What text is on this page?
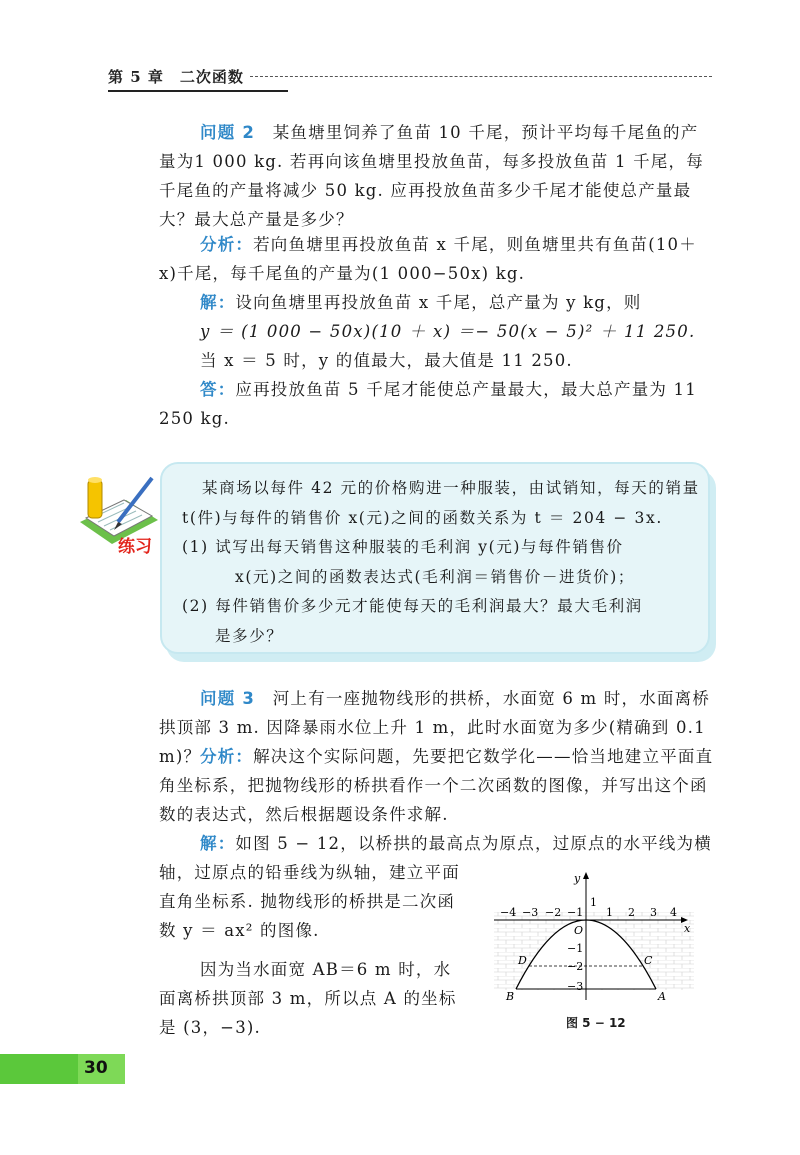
第 5 章　二次函数

问题 2　 某鱼塘里饲养了鱼苗 10 千尾，预计平均每千尾鱼的产量为1 000 kg. 若再向该鱼塘里投放鱼苗，每多投放鱼苗 1 千尾，每千尾鱼的产量将减少 50 kg. 应再投放鱼苗多少千尾才能使总产量最大？最大总产量是多少？

分析：若向鱼塘里再投放鱼苗 x 千尾，则鱼塘里共有鱼苗(10＋x)千尾，每千尾鱼的产量为(1 000−50x) kg.

解：设向鱼塘里再投放鱼苗 x 千尾，总产量为 y kg，则

y ＝ (1 000 − 50x)(10 ＋ x) ＝− 50(x − 5)² ＋ 11 250.

当 x ＝ 5 时，y 的值最大，最大值是 11 250.

答：应再投放鱼苗 5 千尾才能使总产量最大，最大总产量为 11 250 kg.

练习
某商场以每件 42 元的价格购进一种服装，由试销知，每天的销量 t(件)与每件的销售价 x(元)之间的函数关系为 t ＝ 204 − 3x.
(1) 试写出每天销售这种服装的毛利润 y(元)与每件销售价
x(元)之间的函数表达式(毛利润＝销售价－进货价)；
(2) 每件销售价多少元才能使每天的毛利润最大？最大毛利润
是多少？

问题 3　 河上有一座抛物线形的拱桥，水面宽 6 m 时，水面离桥拱顶部 3 m. 因降暴雨水位上升 1 m，此时水面宽为多少(精确到 0.1 m)？

分析：解决这个实际问题，先要把它数学化——恰当地建立平面直角坐标系，把抛物线形的桥拱看作一个二次函数的图像，并写出这个函数的表达式，然后根据题设条件求解.

解：如图 5 − 12，以桥拱的最高点为原点，过原点的水平线为横

轴，过原点的铅垂线为纵轴，建立平面直角坐标系. 抛物线形的桥拱是二次函数 y ＝ ax² 的图像.

因为当水面宽 AB＝6 m 时，水面离桥拱顶部 3 m，所以点 A 的坐标是 (3，−3).

−4 −3 −2 −1 1 2 3 4
x
y
1
O
−1
−2
−3
A
B
C
D
图 5 − 12
30
